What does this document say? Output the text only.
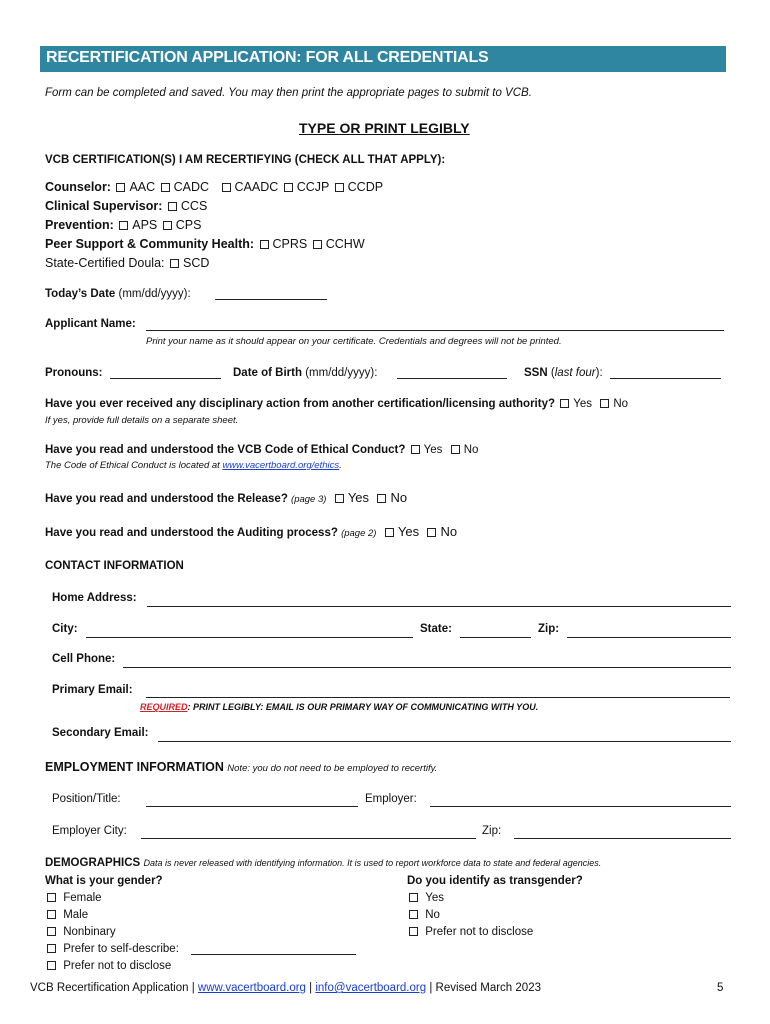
RECERTIFICATION APPLICATION: FOR ALL CREDENTIALS
Form can be completed and saved. You may then print the appropriate pages to submit to VCB.
TYPE OR PRINT LEGIBLY
VCB CERTIFICATION(S) I AM RECERTIFYING (CHECK ALL THAT APPLY):
Counselor: AAC CADC CAADC CCJP CCDP
Clinical Supervisor: CCS
Prevention: APS CPS
Peer Support & Community Health: CPRS CCHW
State-Certified Doula: SCD
Today’s Date (mm/dd/yyyy):
Applicant Name:
Print your name as it should appear on your certificate. Credentials and degrees will not be printed.
Pronouns:	Date of Birth (mm/dd/yyyy):	SSN (last four):
Have you ever received any disciplinary action from another certification/licensing authority? Yes No
If yes, provide full details on a separate sheet.
Have you read and understood the VCB Code of Ethical Conduct? Yes No
The Code of Ethical Conduct is located at www.vacertboard.org/ethics.
Have you read and understood the Release? (page 3) Yes No
Have you read and understood the Auditing process? (page 2) Yes No
CONTACT INFORMATION
Home Address:
City:	State:	Zip:
Cell Phone:
Primary Email:
REQUIRED: PRINT LEGIBLY: EMAIL IS OUR PRIMARY WAY OF COMMUNICATING WITH YOU.
Secondary Email:
EMPLOYMENT INFORMATION Note: you do not need to be employed to recertify.
Position/Title:	Employer:
Employer City:	Zip:
DEMOGRAPHICS Data is never released with identifying information. It is used to report workforce data to state and federal agencies.
What is your gender?
Female
Male
Nonbinary
Prefer to self-describe:
Prefer not to disclose
Do you identify as transgender?
Yes
No
Prefer not to disclose
VCB Recertification Application | www.vacertboard.org | info@vacertboard.org | Revised March 2023	5
